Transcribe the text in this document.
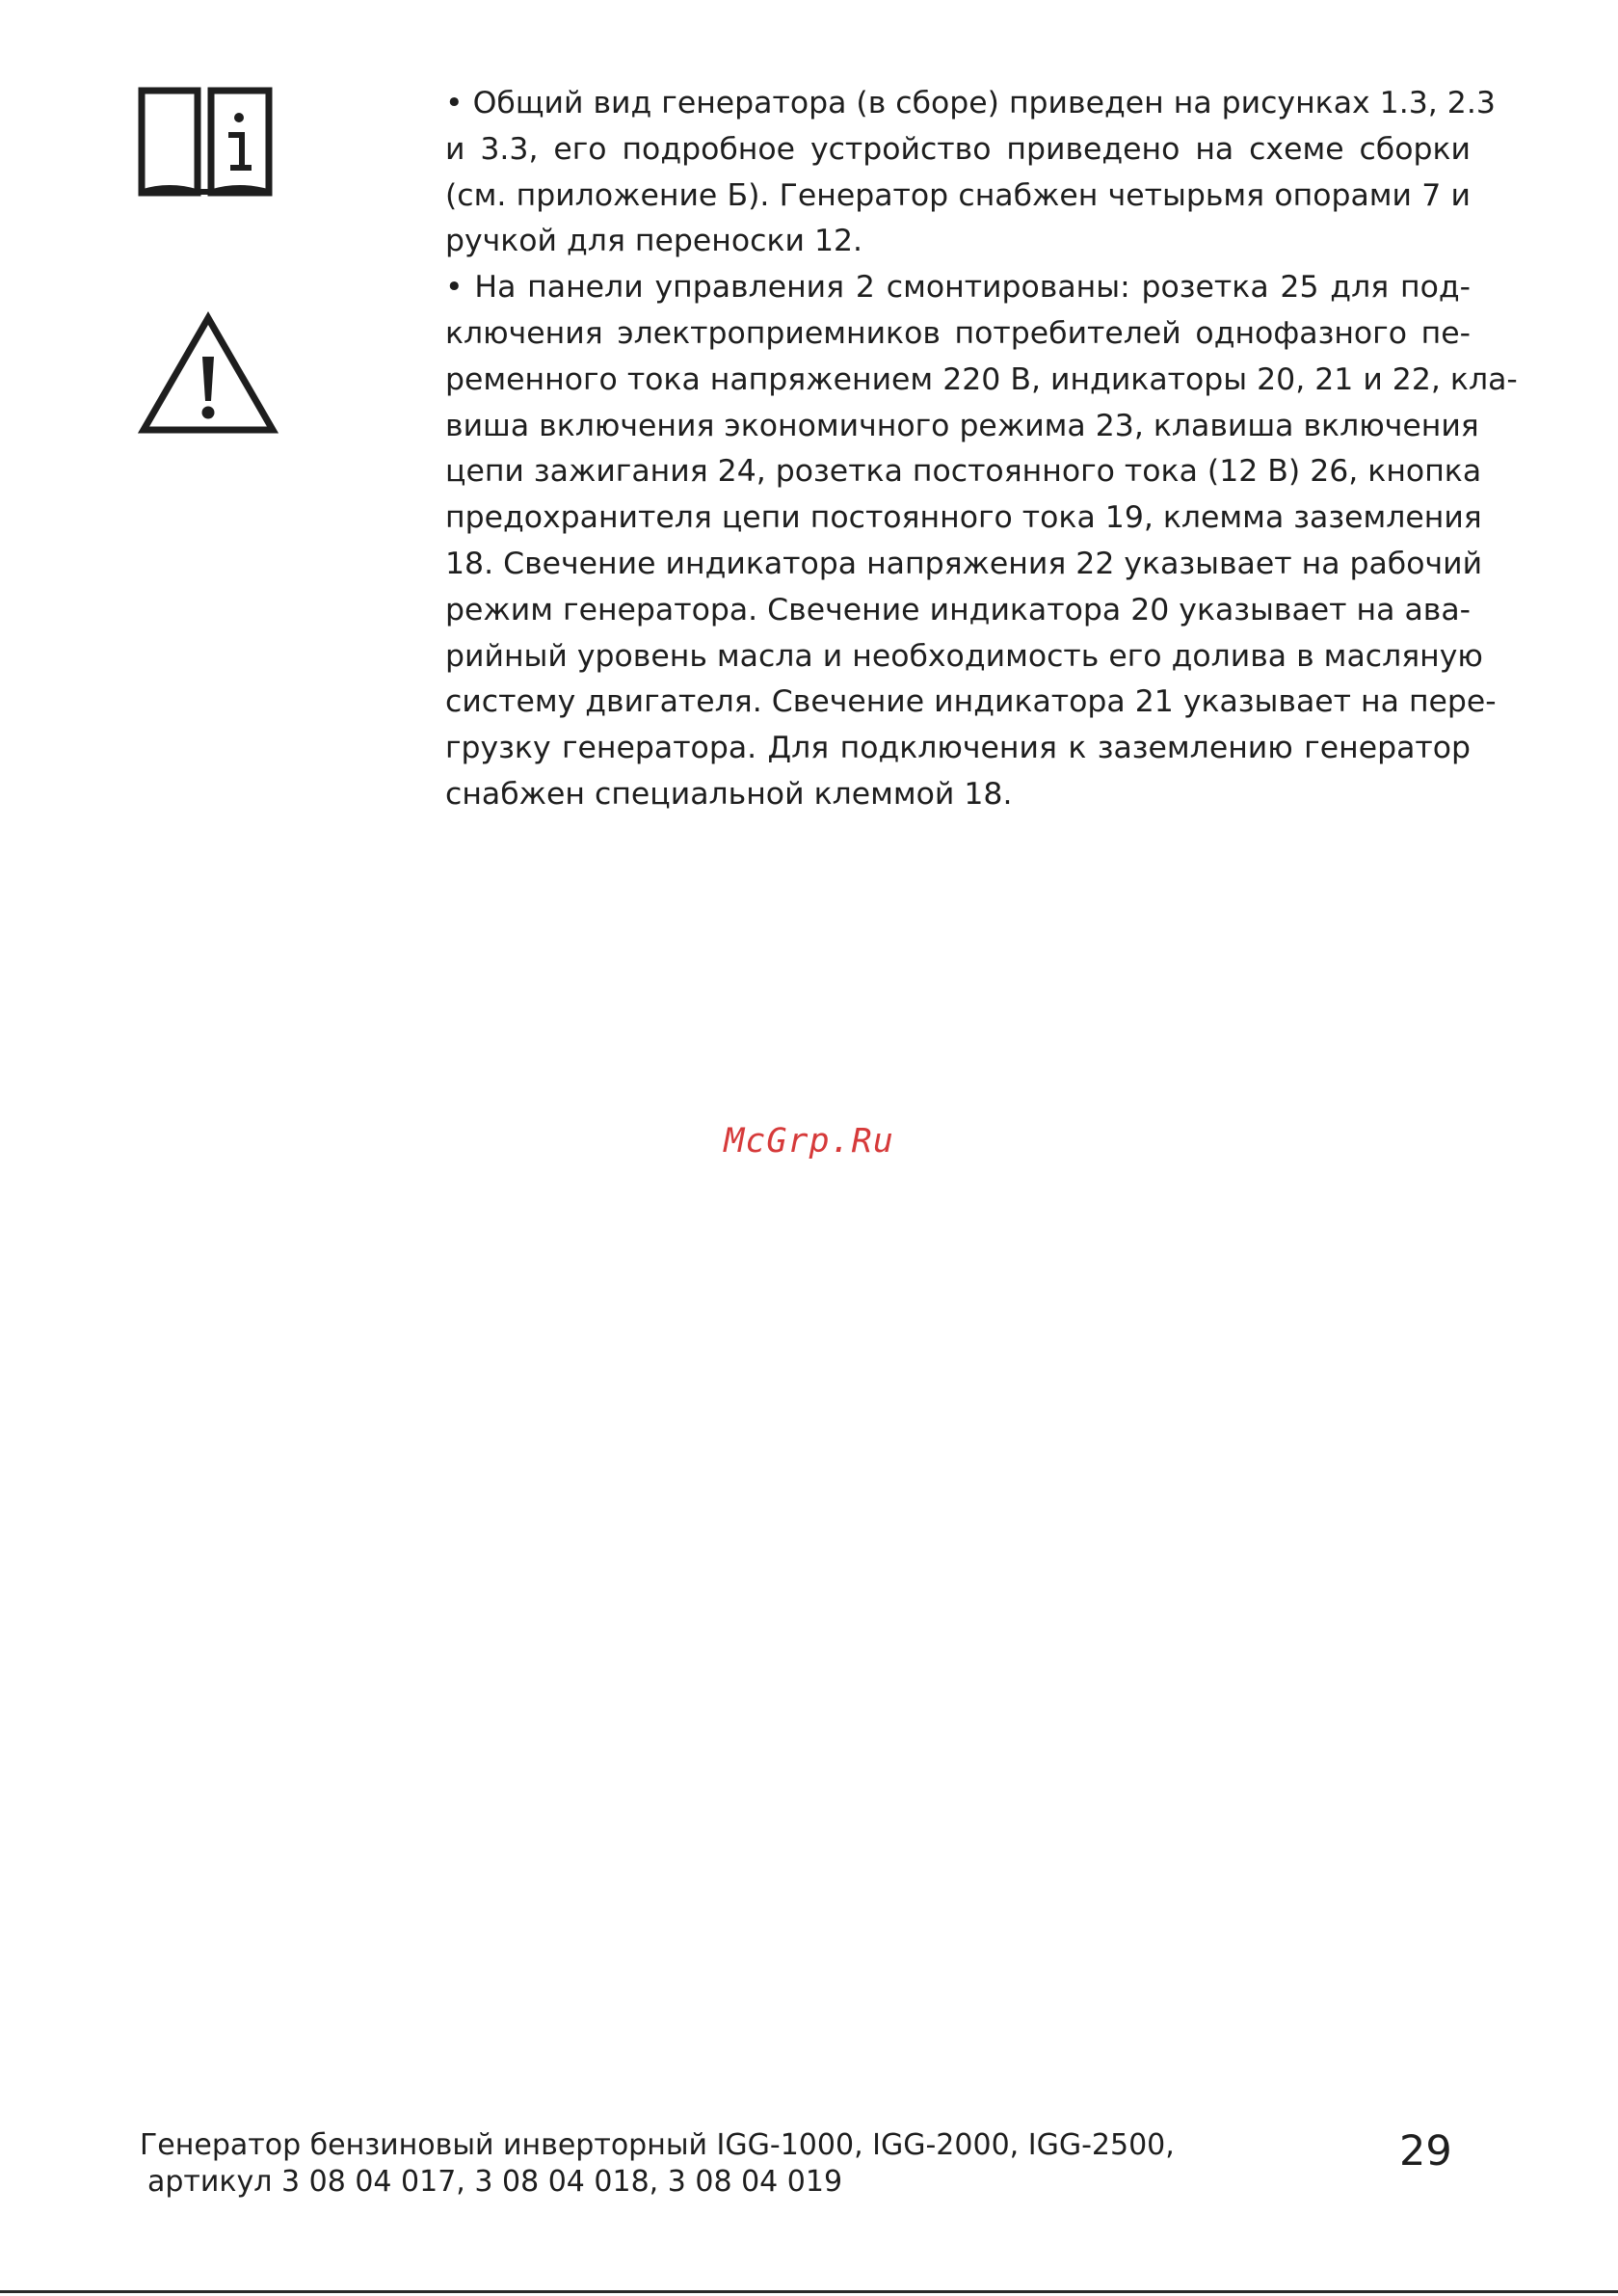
• Общий вид генератора (в сборе) приведен на рисунках 1.3, 2.3
и 3.3, его подробное устройство приведено на схеме сборки
(см. приложение Б). Генератор снабжен четырьмя опорами 7 и
ручкой для переноски 12.
• На панели управления 2 смонтированы: розетка 25 для под-
ключения электроприемников потребителей однофазного пе-
ременного тока напряжением 220 В, индикаторы 20, 21 и 22, кла-
виша включения экономичного режима 23, клавиша включения
цепи зажигания 24, розетка постоянного тока (12 В) 26, кнопка
предохранителя цепи постоянного тока 19, клемма заземления
18. Свечение индикатора напряжения 22 указывает на рабочий
режим генератора. Свечение индикатора 20 указывает на ава-
рийный уровень масла и необходимость его долива в масляную
систему двигателя. Свечение индикатора 21 указывает на пере-
грузку генератора. Для подключения к заземлению генератор
снабжен специальной клеммой 18.
McGrp.Ru
Генератор бензиновый инверторный IGG-1000, IGG-2000, IGG-2500,
артикул 3 08 04 017, 3 08 04 018, 3 08 04 019
29
